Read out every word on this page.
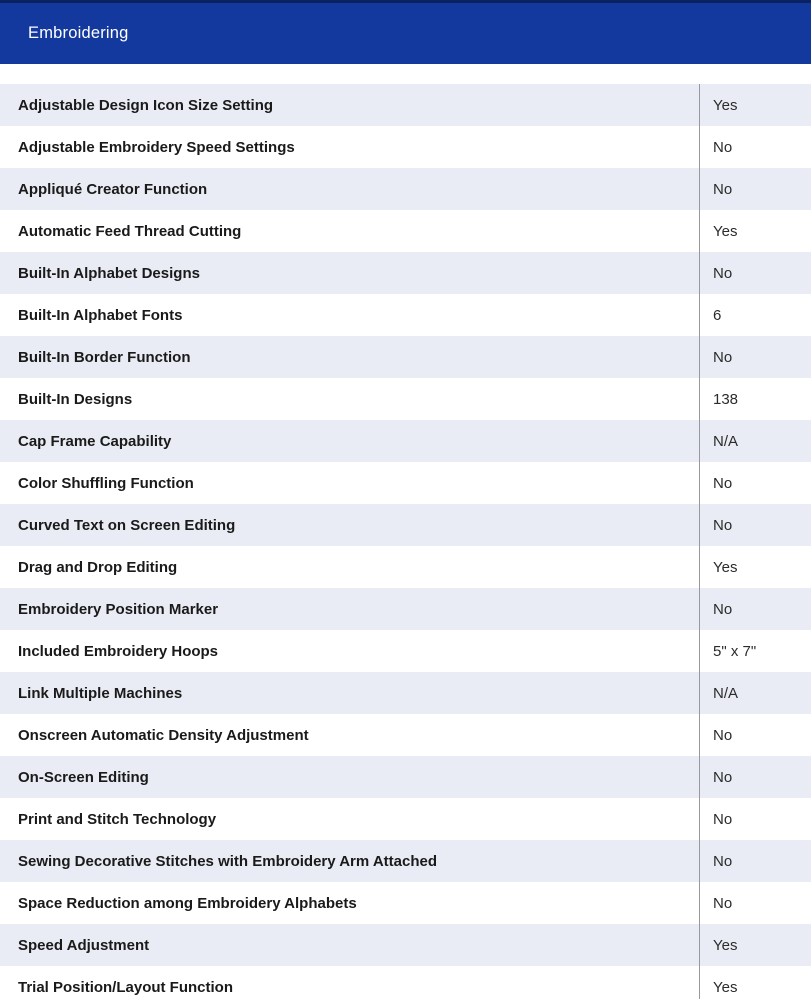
Embroidering
Adjustable Design Icon Size Setting	Yes
Adjustable Embroidery Speed Settings	No
Appliqué Creator Function	No
Automatic Feed Thread Cutting	Yes
Built-In Alphabet Designs	No
Built-In Alphabet Fonts	6
Built-In Border Function	No
Built-In Designs	138
Cap Frame Capability	N/A
Color Shuffling Function	No
Curved Text on Screen Editing	No
Drag and Drop Editing	Yes
Embroidery Position Marker	No
Included Embroidery Hoops	5" x 7"
Link Multiple Machines	N/A
Onscreen Automatic Density Adjustment	No
On-Screen Editing	No
Print and Stitch Technology	No
Sewing Decorative Stitches with Embroidery Arm Attached	No
Space Reduction among Embroidery Alphabets	No
Speed Adjustment	Yes
Trial Position/Layout Function	Yes
